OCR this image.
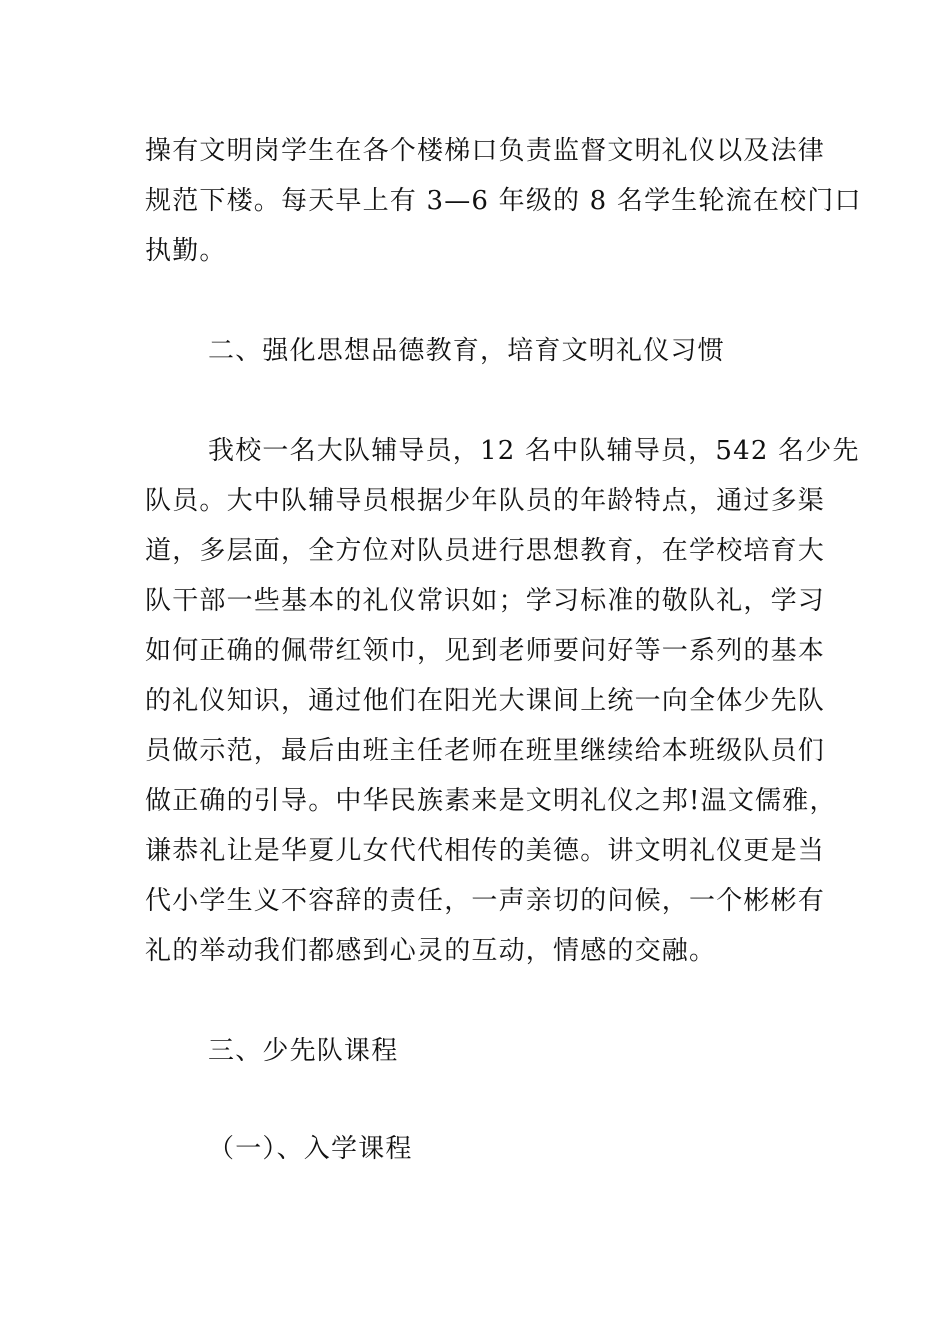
操有文明岗学生在各个楼梯口负责监督文明礼仪以及法律
规范下楼。每天早上有 3—6 年级的 8 名学生轮流在校门口
执勤。
二、强化思想品德教育，培育文明礼仪习惯
我校一名大队辅导员，12 名中队辅导员，542 名少先
队员。大中队辅导员根据少年队员的年龄特点，通过多渠
道，多层面，全方位对队员进行思想教育，在学校培育大
队干部一些基本的礼仪常识如；学习标准的敬队礼，学习
如何正确的佩带红领巾，见到老师要问好等一系列的基本
的礼仪知识，通过他们在阳光大课间上统一向全体少先队
员做示范，最后由班主任老师在班里继续给本班级队员们
做正确的引导。中华民族素来是文明礼仪之邦!温文儒雅，
谦恭礼让是华夏儿女代代相传的美德。讲文明礼仪更是当
代小学生义不容辞的责任，一声亲切的问候，一个彬彬有
礼的举动我们都感到心灵的互动，情感的交融。
三、少先队课程
（一）、入学课程
